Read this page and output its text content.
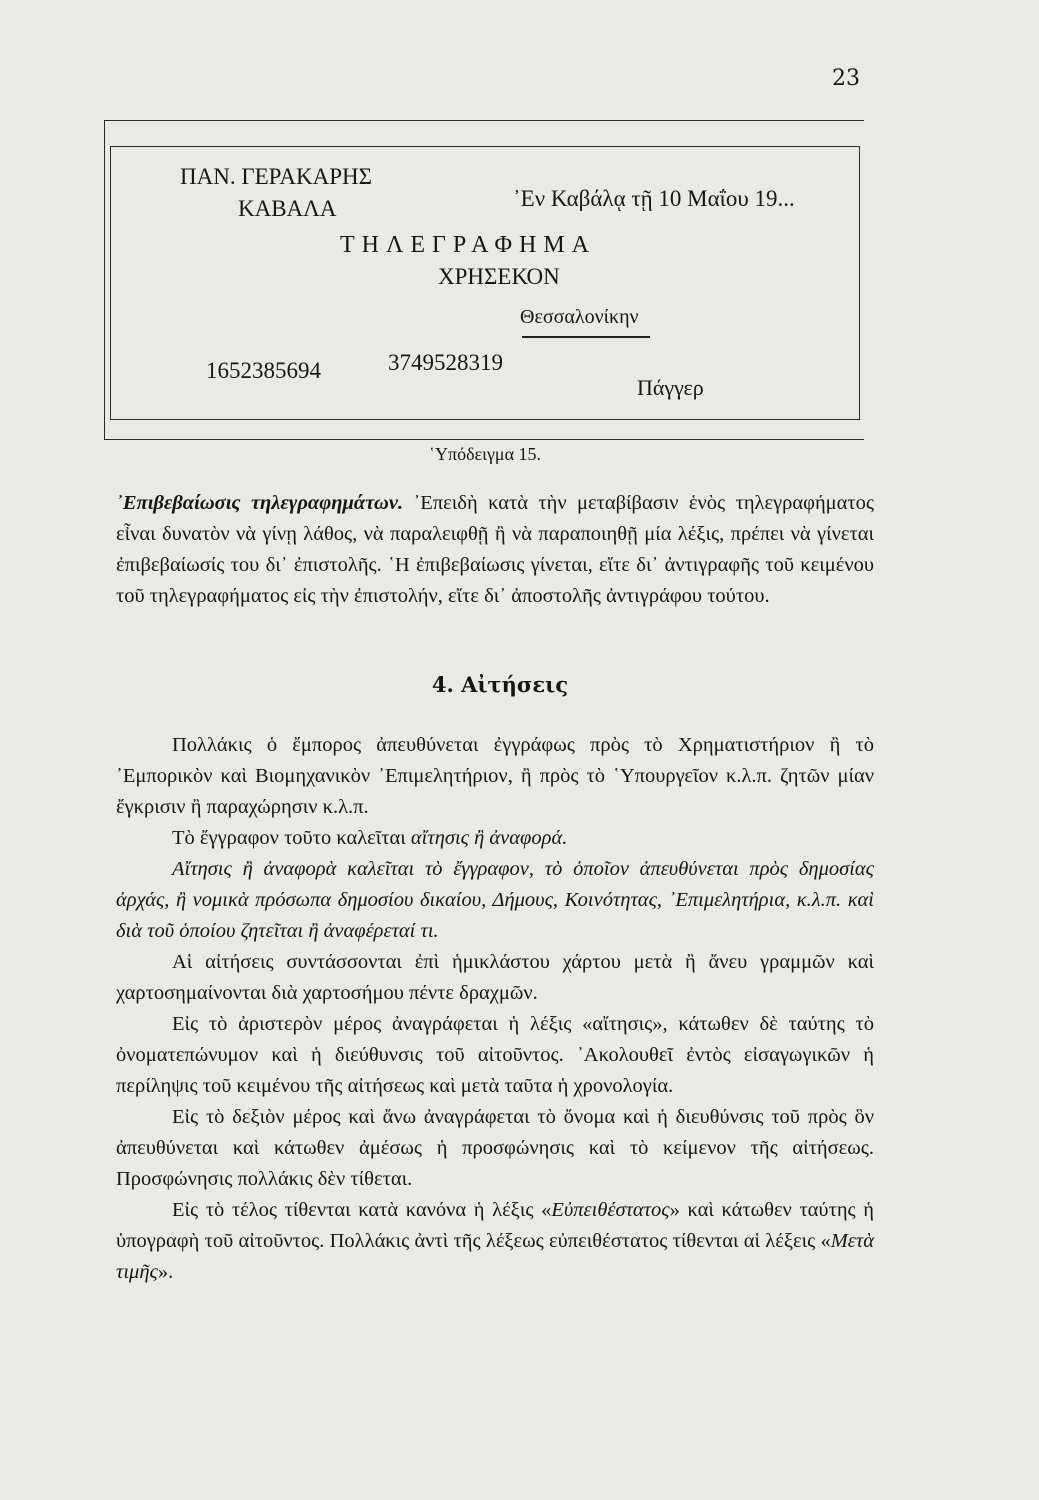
23
ΠΑΝ. ΓΕΡΑΚΑΡΗΣ
ΚΑΒΑΛΑ	᾿Εν Καβάλᾳ τῇ 10 Μαΐου 19...
ΤΗΛΕΓΡΑΦΗΜΑ
ΧΡΗΣΕΚΟΝ
Θεσσαλονίκην
1652385694	3749528319
Πάγγερ
῾Υπόδειγμα 15.

᾿Επιβεβαίωσις τηλεγραφημάτων. ᾿Επειδὴ κατὰ τὴν μεταβίβασιν ἑνὸς τηλεγραφήματος εἶναι δυνατὸν νὰ γίνῃ λάθος, νὰ παραλειφθῇ ἢ νὰ παραποιηθῇ μία λέξις, πρέπει νὰ γίνεται ἐπιβεβαίωσίς του δι᾿ ἐπιστολῆς. ῾Η ἐπιβεβαίωσις γίνεται, εἴτε δι᾿ ἀντιγραφῆς τοῦ κειμένου τοῦ τηλεγραφήματος εἰς τὴν ἐπιστολήν, εἴτε δι᾿ ἀποστολῆς ἀντιγράφου τούτου.

4. Αἰτήσεις

Πολλάκις ὁ ἔμπορος ἀπευθύνεται ἐγγράφως πρὸς τὸ Χρηματιστήριον ἢ τὸ ᾿Εμπορικὸν καὶ Βιομηχανικὸν ᾿Επιμελητήριον, ἢ πρὸς τὸ ῾Υπουργεῖον κ.λ.π. ζητῶν μίαν ἔγκρισιν ἢ παραχώρησιν κ.λ.π.

Τὸ ἔγγραφον τοῦτο καλεῖται αἴτησις ἢ ἀναφορά.

Αἴτησις ἢ ἀναφορὰ καλεῖται τὸ ἔγγραφον, τὸ ὁποῖον ἀπευθύνεται πρὸς δημοσίας ἀρχάς, ἢ νομικὰ πρόσωπα δημοσίου δικαίου, Δήμους, Κοινότητας, ᾿Επιμελητήρια, κ.λ.π. καὶ διὰ τοῦ ὁποίου ζητεῖται ἢ ἀναφέρεταί τι.

Αἱ αἰτήσεις συντάσσονται ἐπὶ ἡμικλάστου χάρτου μετὰ ἢ ἄνευ γραμμῶν καὶ χαρτοσημαίνονται διὰ χαρτοσήμου πέντε δραχμῶν.

Εἰς τὸ ἀριστερὸν μέρος ἀναγράφεται ἡ λέξις «αἴτησις», κάτωθεν δὲ ταύτης τὸ ὀνοματεπώνυμον καὶ ἡ διεύθυνσις τοῦ αἰτοῦντος. ᾿Ακολουθεῖ ἐντὸς εἰσαγωγικῶν ἡ περίληψις τοῦ κειμένου τῆς αἰτήσεως καὶ μετὰ ταῦτα ἡ χρονολογία.

Εἰς τὸ δεξιὸν μέρος καὶ ἄνω ἀναγράφεται τὸ ὄνομα καὶ ἡ διευθύνσις τοῦ πρὸς ὃν ἀπευθύνεται καὶ κάτωθεν ἀμέσως ἡ προσφώνησις καὶ τὸ κείμενον τῆς αἰτήσεως. Προσφώνησις πολλάκις δὲν τίθεται.

Εἰς τὸ τέλος τίθενται κατὰ κανόνα ἡ λέξις «Εὐπειθέστατος» καὶ κάτωθεν ταύτης ἡ ὑπογραφὴ τοῦ αἰτοῦντος. Πολλάκις ἀντὶ τῆς λέξεως εὐπειθέστατος τίθενται αἱ λέξεις «Μετὰ τιμῆς».
